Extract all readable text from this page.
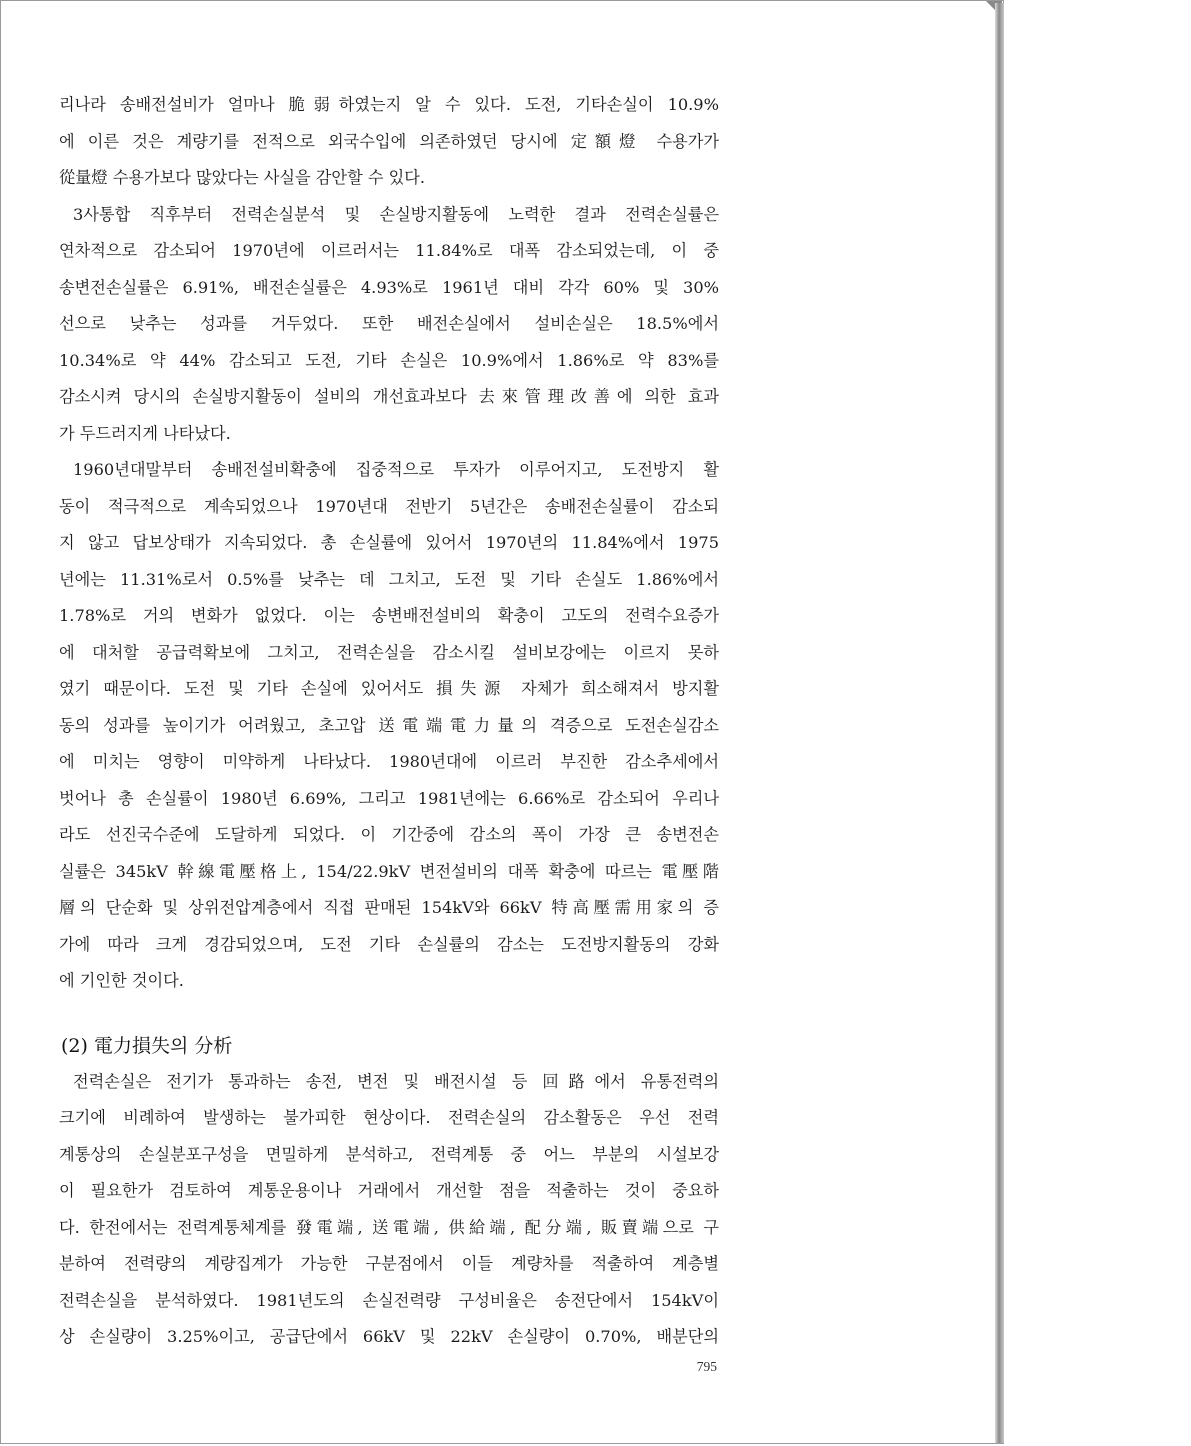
리나라 송배전설비가 얼마나 脆弱하였는지 알 수 있다. 도전, 기타손실이 10.9%
에 이른 것은 계량기를 전적으로 외국수입에 의존하였던 당시에 定額燈 수용가가
從量燈 수용가보다 많았다는 사실을 감안할 수 있다.
3사통합 직후부터 전력손실분석 및 손실방지활동에 노력한 결과 전력손실률은
연차적으로 감소되어 1970년에 이르러서는 11.84%로 대폭 감소되었는데, 이 중
송변전손실률은 6.91%, 배전손실률은 4.93%로 1961년 대비 각각 60% 및 30%
선으로 낮추는 성과를 거두었다. 또한 배전손실에서 설비손실은 18.5%에서
10.34%로 약 44% 감소되고 도전, 기타 손실은 10.9%에서 1.86%로 약 83%를
감소시켜 당시의 손실방지활동이 설비의 개선효과보다 去來管理改善에 의한 효과
가 두드러지게 나타났다.
1960년대말부터 송배전설비확충에 집중적으로 투자가 이루어지고, 도전방지 활
동이 적극적으로 계속되었으나 1970년대 전반기 5년간은 송배전손실률이 감소되
지 않고 답보상태가 지속되었다. 총 손실률에 있어서 1970년의 11.84%에서 1975
년에는 11.31%로서 0.5%를 낮추는 데 그치고, 도전 및 기타 손실도 1.86%에서
1.78%로 거의 변화가 없었다. 이는 송변배전설비의 확충이 고도의 전력수요증가
에 대처할 공급력확보에 그치고, 전력손실을 감소시킬 설비보강에는 이르지 못하
였기 때문이다. 도전 및 기타 손실에 있어서도 損失源 자체가 희소해져서 방지활
동의 성과를 높이기가 어려웠고, 초고압 送電端電力量의 격증으로 도전손실감소
에 미치는 영향이 미약하게 나타났다. 1980년대에 이르러 부진한 감소추세에서
벗어나 총 손실률이 1980년 6.69%, 그리고 1981년에는 6.66%로 감소되어 우리나
라도 선진국수준에 도달하게 되었다. 이 기간중에 감소의 폭이 가장 큰 송변전손
실률은 345kV 幹線電壓格上, 154/22.9kV 변전설비의 대폭 확충에 따르는 電壓階
層의 단순화 및 상위전압계층에서 직접 판매된 154kV와 66kV 特高壓需用家의 증
가에 따라 크게 경감되었으며, 도전 기타 손실률의 감소는 도전방지활동의 강화
에 기인한 것이다.
(2) 電力損失의 分析
전력손실은 전기가 통과하는 송전, 변전 및 배전시설 등 回路에서 유통전력의
크기에 비례하여 발생하는 불가피한 현상이다. 전력손실의 감소활동은 우선 전력
계통상의 손실분포구성을 면밀하게 분석하고, 전력계통 중 어느 부분의 시설보강
이 필요한가 검토하여 계통운용이나 거래에서 개선할 점을 적출하는 것이 중요하
다. 한전에서는 전력계통체계를 發電端, 送電端, 供給端, 配分端, 販賣端으로 구
분하여 전력량의 계량집계가 가능한 구분점에서 이들 계량차를 적출하여 계층별
전력손실을 분석하였다. 1981년도의 손실전력량 구성비율은 송전단에서 154kV이
상 손실량이 3.25%이고, 공급단에서 66kV 및 22kV 손실량이 0.70%, 배분단의
795
